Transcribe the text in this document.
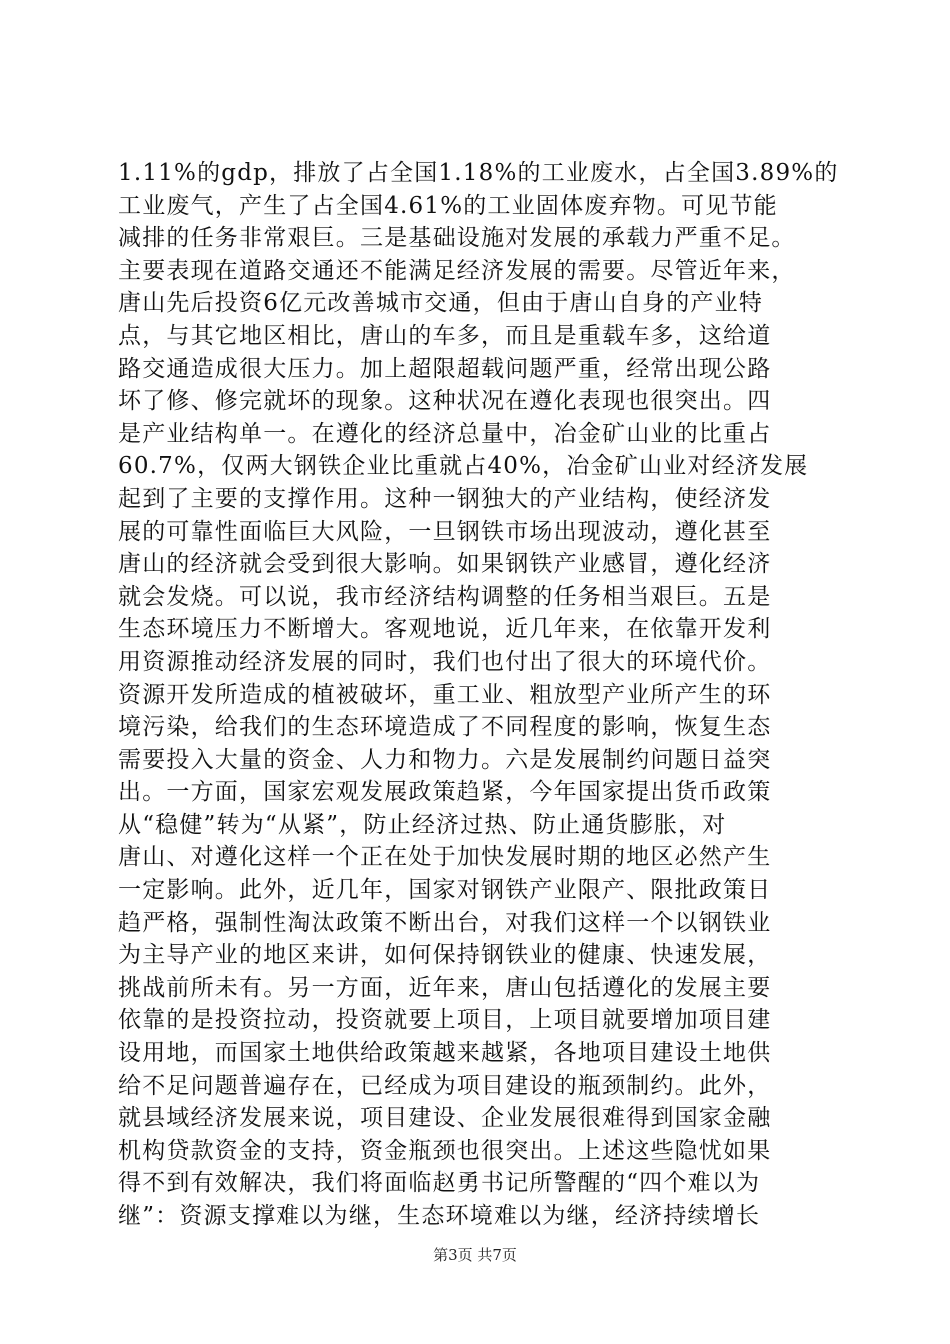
1.11%的gdp，排放了占全国1.18%的工业废水，占全国3.89%的
工业废气，产生了占全国4.61%的工业固体废弃物。可见节能
减排的任务非常艰巨。三是基础设施对发展的承载力严重不足。
主要表现在道路交通还不能满足经济发展的需要。尽管近年来，
唐山先后投资6亿元改善城市交通，但由于唐山自身的产业特
点，与其它地区相比，唐山的车多，而且是重载车多，这给道
路交通造成很大压力。加上超限超载问题严重，经常出现公路
坏了修、修完就坏的现象。这种状况在遵化表现也很突出。四
是产业结构单一。在遵化的经济总量中，冶金矿山业的比重占
60.7%，仅两大钢铁企业比重就占40%，冶金矿山业对经济发展
起到了主要的支撑作用。这种一钢独大的产业结构，使经济发
展的可靠性面临巨大风险，一旦钢铁市场出现波动，遵化甚至
唐山的经济就会受到很大影响。如果钢铁产业感冒，遵化经济
就会发烧。可以说，我市经济结构调整的任务相当艰巨。五是
生态环境压力不断增大。客观地说，近几年来，在依靠开发利
用资源推动经济发展的同时，我们也付出了很大的环境代价。
资源开发所造成的植被破坏，重工业、粗放型产业所产生的环
境污染，给我们的生态环境造成了不同程度的影响，恢复生态
需要投入大量的资金、人力和物力。六是发展制约问题日益突
出。一方面，国家宏观发展政策趋紧，今年国家提出货币政策
从“稳健”转为“从紧”，防止经济过热、防止通货膨胀，对
唐山、对遵化这样一个正在处于加快发展时期的地区必然产生
一定影响。此外，近几年，国家对钢铁产业限产、限批政策日
趋严格，强制性淘汰政策不断出台，对我们这样一个以钢铁业
为主导产业的地区来讲，如何保持钢铁业的健康、快速发展，
挑战前所未有。另一方面，近年来，唐山包括遵化的发展主要
依靠的是投资拉动，投资就要上项目，上项目就要增加项目建
设用地，而国家土地供给政策越来越紧，各地项目建设土地供
给不足问题普遍存在，已经成为项目建设的瓶颈制约。此外，
就县域经济发展来说，项目建设、企业发展很难得到国家金融
机构贷款资金的支持，资金瓶颈也很突出。上述这些隐忧如果
得不到有效解决，我们将面临赵勇书记所警醒的“四个难以为
继”：资源支撑难以为继，生态环境难以为继，经济持续增长
第3页 共7页
